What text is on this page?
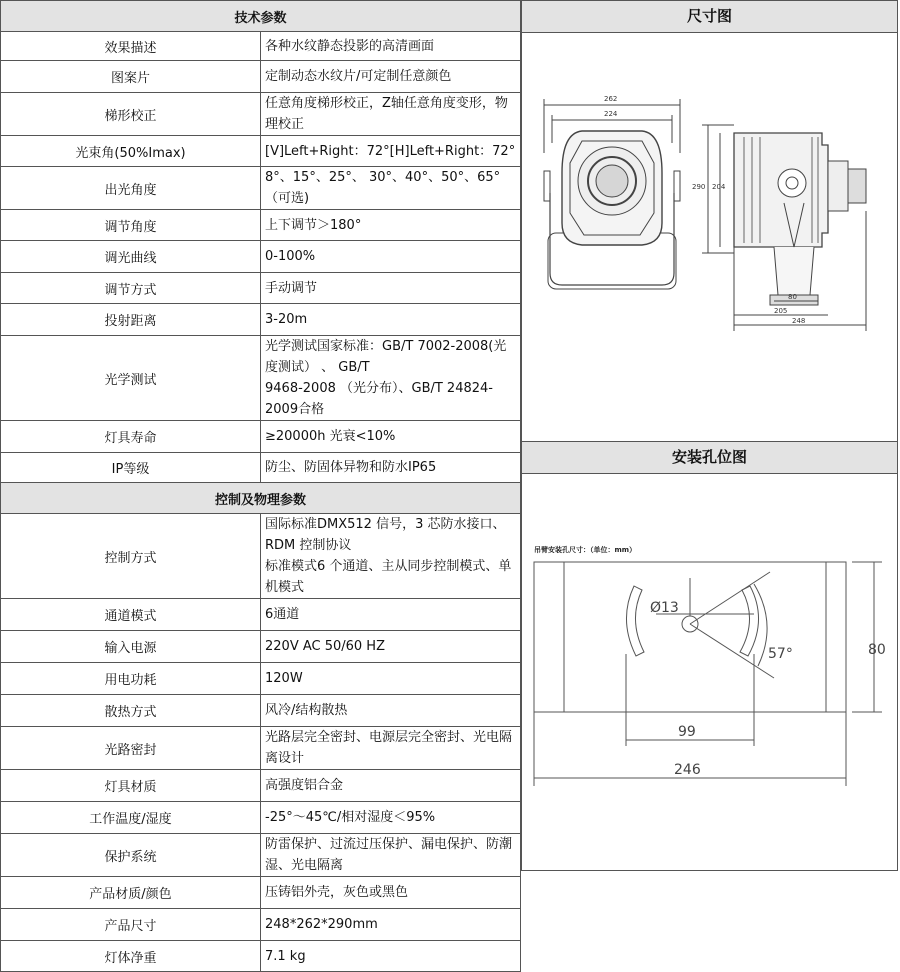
技术参数	
效果描述	各种水纹静态投影的高清画面
图案片	定制动态水纹片/可定制任意颜色
梯形校正	任意角度梯形校正，Z轴任意角度变形，物理校正
光束角(50%Imax)	[V]Left+Right：72°[H]Left+Right：72°
出光角度	8°、15°、25°、 30°、40°、50°、65°（可选)
调节角度	上下调节＞180°
调光曲线	0-100%
调节方式	手动调节
投射距离	3-20m
光学测试	光学测试国家标准：GB/T 7002-2008(光度测试） 、 GB/T
9468-2008 （光分布）、GB/T 24824-2009合格

灯具寿命	≥20000h 光衰<10%
IP等级	防尘、防固体异物和防水IP65
控制及物理参数	
控制方式	国际标准DMX512 信号，3 芯防水接口、RDM 控制协议
标准模式6 个通道、主从同步控制模式、单机模式

通道模式	6通道
输入电源	220V AC 50/60 HZ
用电功耗	120W
散热方式	风冷/结构散热
光路密封	光路层完全密封、电源层完全密封、光电隔离设计
灯具材质	高强度铝合金
工作温度/湿度	-25°～45℃/相对湿度＜95%
保护系统	防雷保护、过流过压保护、漏电保护、防潮湿、光电隔离
产品材质/颜色	压铸铝外壳，灰色或黑色
产品尺寸	248*262*290mm
灯体净重	7.1 kg
尺寸图
262
224
290 204
80
205
248
安装孔位图
吊臂安装孔尺寸：（单位：mm）
Ø13
57°	80
99
246
